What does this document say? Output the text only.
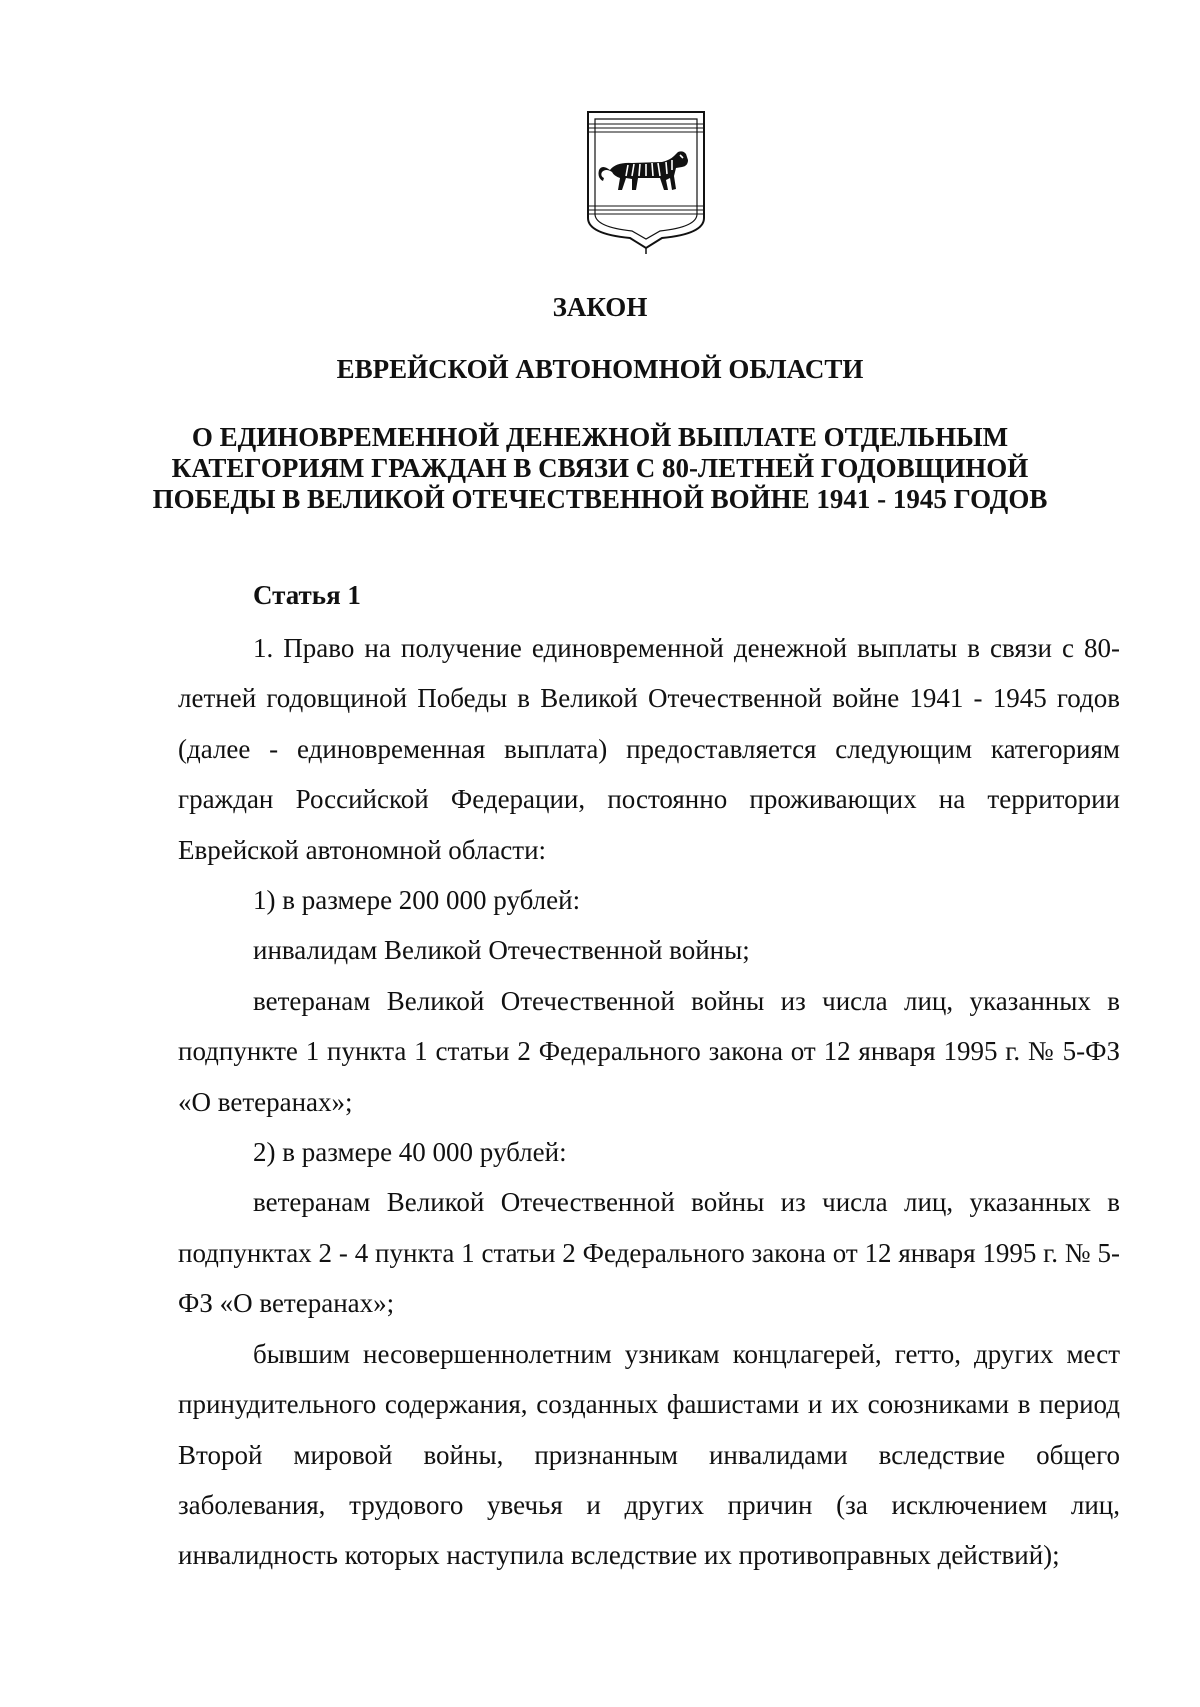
ЗАКОН
ЕВРЕЙСКОЙ АВТОНОМНОЙ ОБЛАСТИ
О ЕДИНОВРЕМЕННОЙ ДЕНЕЖНОЙ ВЫПЛАТЕ ОТДЕЛЬНЫМ
КАТЕГОРИЯМ ГРАЖДАН В СВЯЗИ С 80-ЛЕТНЕЙ ГОДОВЩИНОЙ
ПОБЕДЫ В ВЕЛИКОЙ ОТЕЧЕСТВЕННОЙ ВОЙНЕ 1941 - 1945 ГОДОВ
Статья 1

1. Право на получение единовременной денежной выплаты в связи с 80-летней годовщиной Победы в Великой Отечественной войне 1941 - 1945 годов (далее - единовременная выплата) предоставляется следующим категориям граждан Российской Федерации, постоянно проживающих на территории Еврейской автономной области:

1) в размере 200 000 рублей:

инвалидам Великой Отечественной войны;

ветеранам Великой Отечественной войны из числа лиц, указанных в подпункте 1 пункта 1 статьи 2 Федерального закона от 12 января 1995 г. № 5-ФЗ «О ветеранах»;

2) в размере 40 000 рублей:

ветеранам Великой Отечественной войны из числа лиц, указанных в подпунктах 2 - 4 пункта 1 статьи 2 Федерального закона от 12 января 1995 г. № 5-ФЗ «О ветеранах»;

бывшим несовершеннолетним узникам концлагерей, гетто, других мест принудительного содержания, созданных фашистами и их союзниками в период Второй мировой войны, признанным инвалидами вследствие общего заболевания, трудового увечья и других причин (за исключением лиц, инвалидность которых наступила вследствие их противоправных действий);
